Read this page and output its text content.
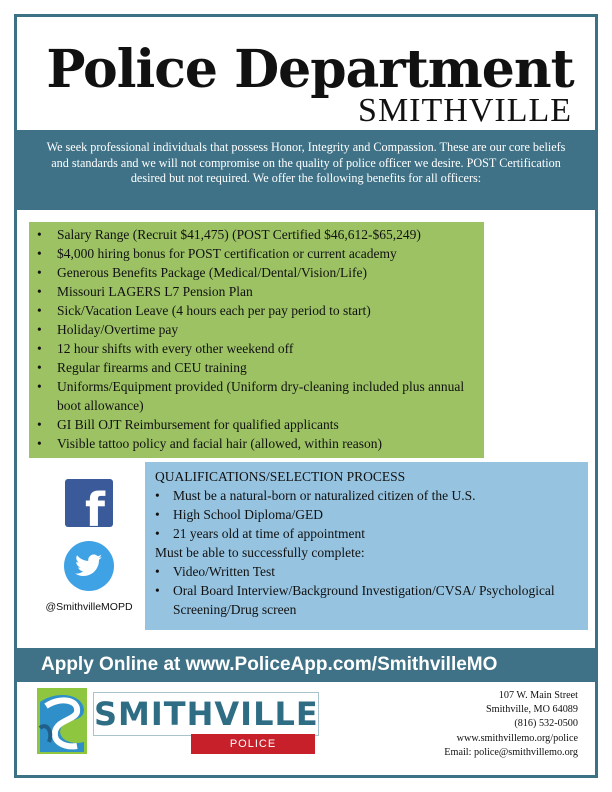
Police Department
SMITHVILLE
We seek professional individuals that possess Honor, Integrity and Compassion. These are our core beliefs and standards and we will not compromise on the quality of police officer we desire. POST Certification desired but not required. We offer the following benefits for all officers:
• Salary Range (Recruit $41,475) (POST Certified $46,612-$65,249)
• $4,000 hiring bonus for POST certification or current academy
• Generous Benefits Package (Medical/Dental/Vision/Life)
• Missouri LAGERS L7 Pension Plan
• Sick/Vacation Leave (4 hours each per pay period to start)
• Holiday/Overtime pay
• 12 hour shifts with every other weekend off
• Regular firearms and CEU training
• Uniforms/Equipment provided (Uniform dry-cleaning included plus annual boot allowance)
• GI Bill OJT Reimbursement for qualified applicants
• Visible tattoo policy and facial hair (allowed, within reason)
f
@SmithvilleMOPD
QUALIFICATIONS/SELECTION PROCESS
• Must be a natural-born or naturalized citizen of the U.S.
• High School Diploma/GED
• 21 years old at time of appointment
Must be able to successfully complete:
• Video/Written Test
• Oral Board Interview/Background Investigation/CVSA/ Psychological Screening/Drug screen
Apply Online at www.PoliceApp.com/SmithvilleMO
SMITHVILLE
POLICE
107 W. Main Street
Smithville, MO 64089
(816) 532-0500
www.smithvillemo.org/police
Email: police@smithvillemo.org
